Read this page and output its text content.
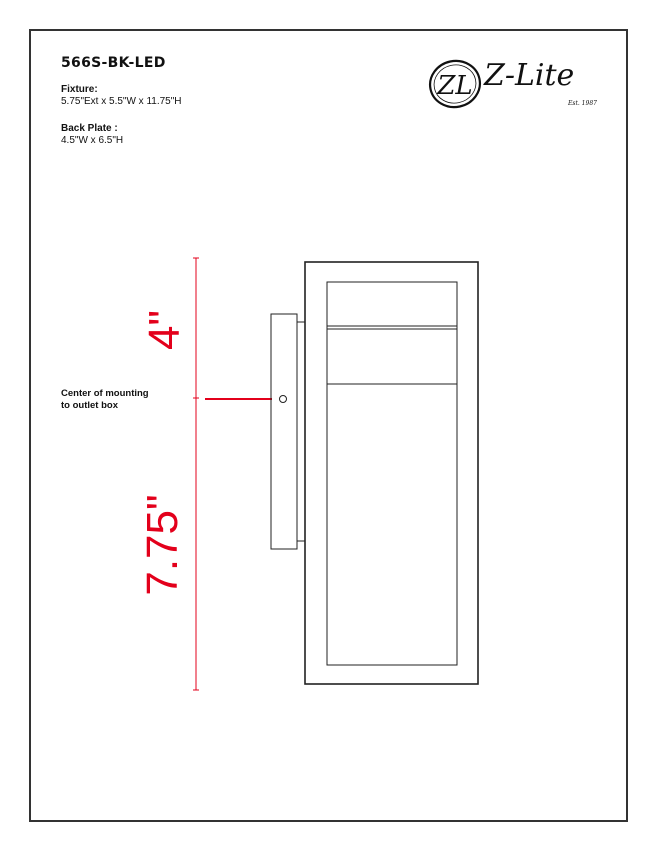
566S-BK-LED
Fixture:
5.75"Ext x 5.5"W x 11.75"H
Back Plate :
4.5"W x 6.5"H
ZL Z-Lite
Est. 1987
Center of mounting
to outlet box
4"
7.75"
